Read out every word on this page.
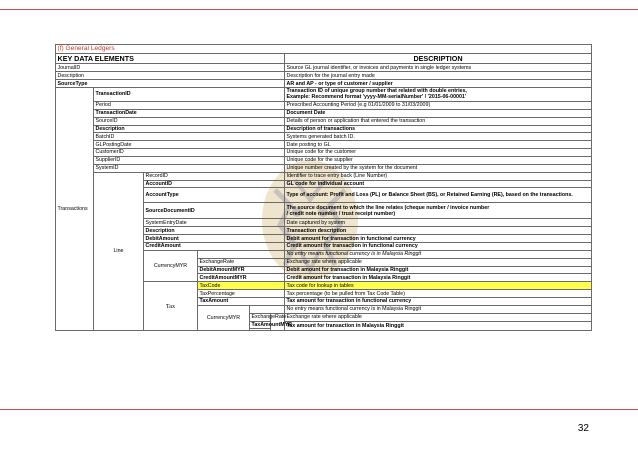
(f) General Ledgers						
KEY DATA ELEMENTS						DESCRIPTION
JournalID						Source GL journal identifier, or invoices and payments in single ledger systems
Description						Description for the journal entry made
SourceType						AR and AP - or type of customer / supplier
Transactions	TransactionID					Transaction ID of unique group number that related with double entries,
Example: Recommend format 'yyyy-MM-serialNumber' / '2015-06-00001'

	Period					Prescribed Accounting Period (e.g 01/01/2009 to 31/03/2009)
	TransactionDate					Document Date
	SourceID					Details of person or application that entered the transaction
	Description					Description of transactions
	BatchID					Systems generated batch ID.
	GLPostingDate					Date posting to GL
	CustomerID					Unique code for the customer
	SupplierID					Unique code for the supplier
	SystemID					Unique number created by the system for the document
	Line	RecordID				Identifier to trace entry back (Line Number)
		AccountID				GL code for individual account
		AccountType				Type of account: Profit and Loss (PL) or Balance Sheet (BS), or Retained Earning (RE), based on the transactions.
		SourceDocumentID				The source document to which the line relates (cheque number / invoice number
/ credit note number / trust receipt number)

		SystemEntryDate				Date captured by system
		Description				Transaction description
		DebitAmount				Debit amount for transaction in functional currency
		CreditAmount				Credit amount for transaction in functional currency
		CurrencyMYR				No entry means functional currency is in Malaysia Ringgit
			ExchangeRate			Exchange rate where applicable
			DebitAmountMYR			Debit amount for transaction in Malaysia Ringgit
			CreditAmountMYR			Credit amount for transaction in Malaysia Ringgit
		Tax	TaxCode			Tax code for lookup in tables
			TaxPercentage			Tax percentage (to be pulled from Tax Code Table)
			TaxAmount			Tax amount for transaction in functional currency
			CurrencyMYR			No entry means functional currency is in Malaysia Ringgit
				ExchangeRate		Exchange rate where applicable
				TaxAmountMYR		Tax amount for transaction in Malaysia Ringgit

32
